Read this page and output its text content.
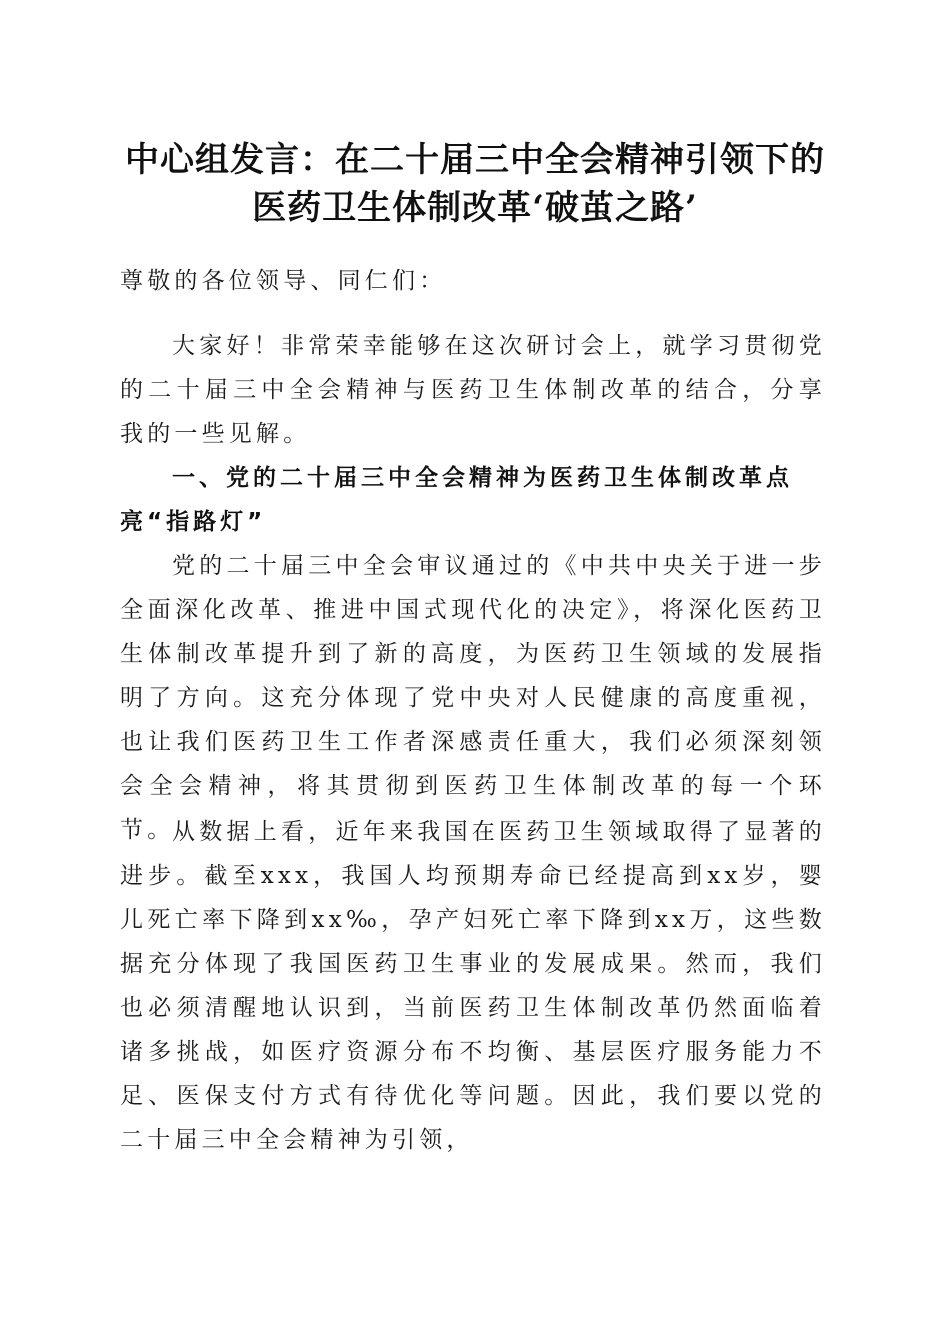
中心组发言：在二十届三中全会精神引领下的
医药卫生体制改革‘破茧之路’

尊敬的各位领导、同仁们：

大家好！非常荣幸能够在这次研讨会上，就学习贯彻党的二十届三中全会精神与医药卫生体制改革的结合，分享我的一些见解。

一、党的二十届三中全会精神为医药卫生体制改革点亮“指路灯”

党的二十届三中全会审议通过的《中共中央关于进一步全面深化改革、推进中国式现代化的决定》，将深化医药卫生体制改革提升到了新的高度，为医药卫生领域的发展指明了方向。这充分体现了党中央对人民健康的高度重视，也让我们医药卫生工作者深感责任重大，我们必须深刻领会全会精神，将其贯彻到医药卫生体制改革的每一个环节。

从数据上看，近年来我国在医药卫生领域取得了显著的进步。截至xxx，我国人均预期寿命已经提高到xx岁，婴儿死亡率下降到xx‰，孕产妇死亡率下降到xx万，这些数据充分体现了我国医药卫生事业的发展成果。然而，我们也必须清醒地认识到，当前医药卫生体制改革仍然面临着诸多挑战，如医疗资源分布不均衡、基层医疗服务能力不足、医保支付方式有待优化等问题。因此，我们要以党的二十届三中全会精神为引领，
